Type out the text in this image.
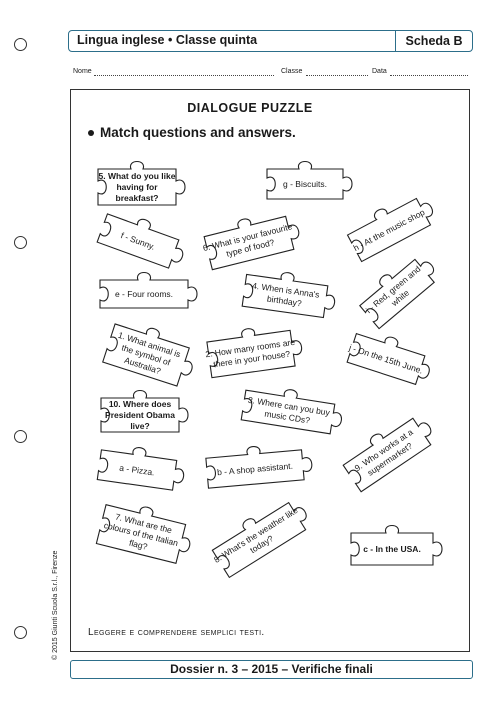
Lingua inglese • Classe quinta	Scheda B
Nome	Classe	Data
DIALOGUE PUZZLE
Match questions and answers.
5. What do you like having for breakfast?
g - Biscuits.
6. What is your favourite type of food?	h - At the music shop
f - Sunny.
4. When is Anna's birthday?	i - Red, green and white
e - Four rooms.
1. What animal is the symbol of Australia?
2. How many rooms are there in your house?	j - On the 15th June.
10. Where does President Obama live?
3. Where can you buy music CDs?
a - Pizza.	b - A shop assistant.	9. Who works at a supermarket?
7. What are the colours of the Italian flag?	8. What's the weather like today?	c - In the USA.
Leggere e comprendere semplici testi.
© 2015 Giunti Scuola S.r.l., Firenze
Dossier n. 3 – 2015 – Verifiche finali
